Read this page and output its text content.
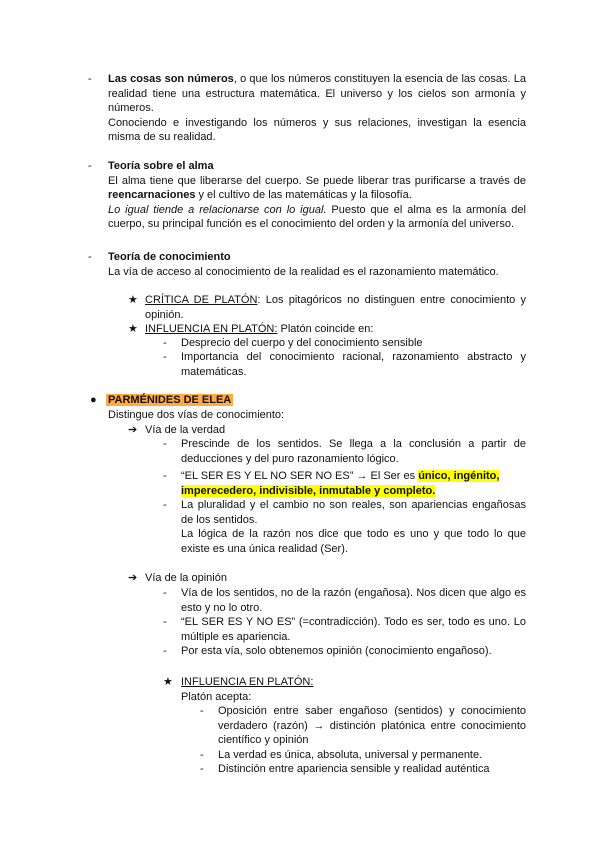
- Las cosas son números, o que los números constituyen la esencia de las cosas. La realidad tiene una estructura matemática. El universo y los cielos son armonía y números.
Conociendo e investigando los números y sus relaciones, investigan la esencia misma de su realidad.
- Teoría sobre el alma
El alma tiene que liberarse del cuerpo. Se puede liberar tras purificarse a través de reencarnaciones y el cultivo de las matemáticas y la filosofía.
Lo igual tiende a relacionarse con lo igual. Puesto que el alma es la armonía del cuerpo, su principal función es el conocimiento del orden y la armonía del universo.
- Teoría de conocimiento
La vía de acceso al conocimiento de la realidad es el razonamiento matemático.
★ CRÍTICA DE PLATÓN: Los pitagóricos no distinguen entre conocimiento y opinión.
★ INFLUENCIA EN PLATÓN: Platón coincide en:
- Desprecio del cuerpo y del conocimiento sensible
- Importancia del conocimiento racional, razonamiento abstracto y matemáticas.
● PARMÉNIDES DE ELEA
Distingue dos vías de conocimiento:
➔ Vía de la verdad
- Prescinde de los sentidos. Se llega a la conclusión a partir de deducciones y del puro razonamiento lógico.
- “EL SER ES Y EL NO SER NO ES” → El Ser es único, ingénito, imperecedero, indivisible, inmutable y completo.
- La pluralidad y el cambio no son reales, son apariencias engañosas de los sentidos.
La lógica de la razón nos dice que todo es uno y que todo lo que existe es una única realidad (Ser).
➔ Vía de la opinión
- Vía de los sentidos, no de la razón (engañosa). Nos dicen que algo es esto y no lo otro.
- “EL SER ES Y NO ES” (=contradicción). Todo es ser, todo es uno. Lo múltiple es apariencia.
- Por esta vía, solo obtenemos opinión (conocimiento engañoso).
★ INFLUENCIA EN PLATÓN:
Platón acepta:
- Oposición entre saber engañoso (sentidos) y conocimiento verdadero (razón) → distinción platónica entre conocimiento científico y opinión
- La verdad es única, absoluta, universal y permanente.
- Distinción entre apariencia sensible y realidad auténtica
